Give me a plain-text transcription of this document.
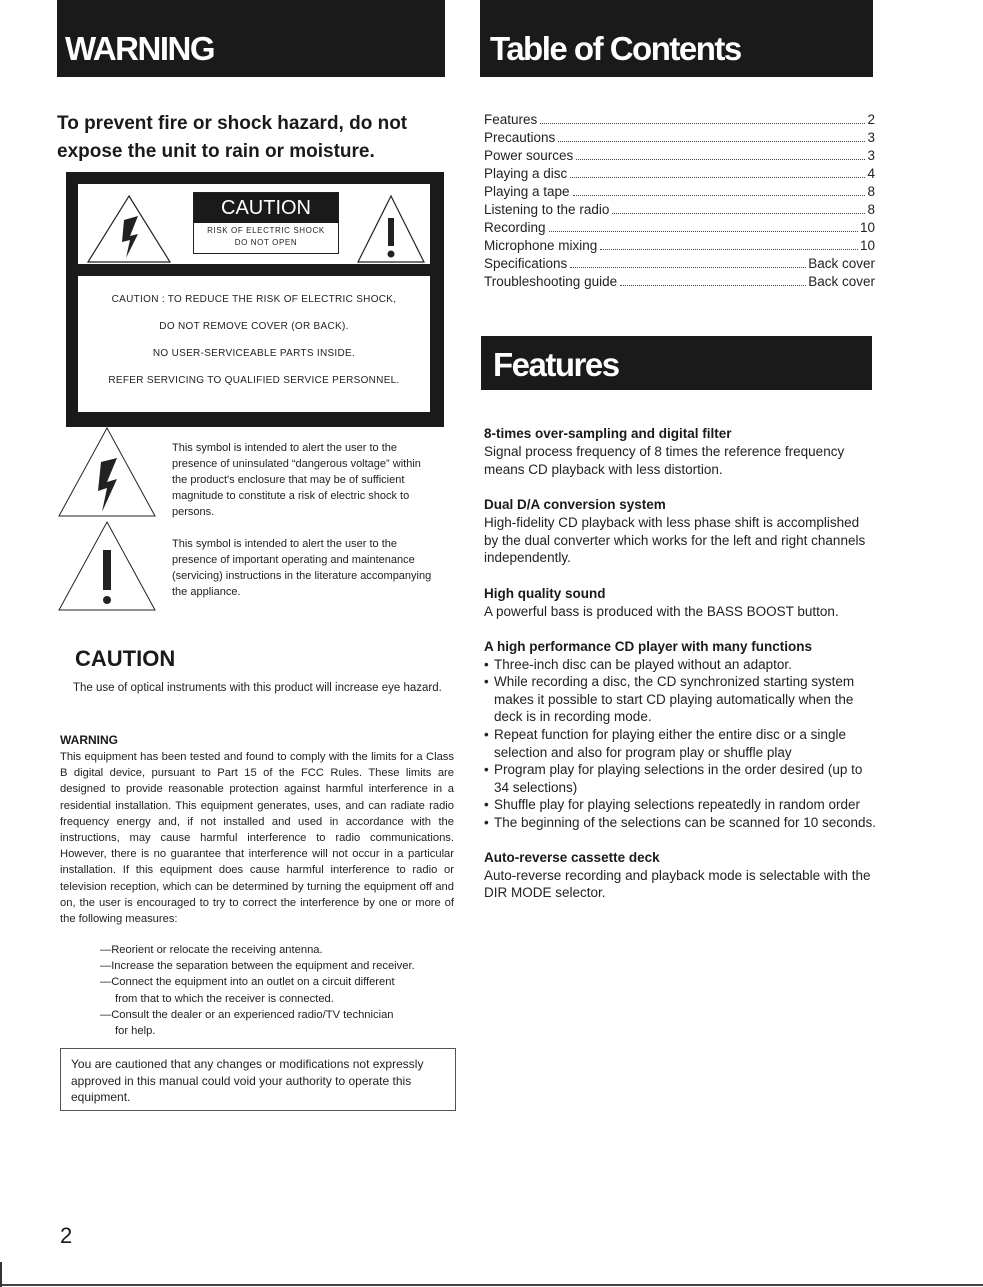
WARNING
To prevent fire or shock hazard, do not
expose the unit to rain or moisture.
CAUTION
RISK OF ELECTRIC SHOCK
DO NOT OPEN
CAUTION : TO REDUCE THE RISK OF ELECTRIC SHOCK,
DO NOT REMOVE COVER (OR BACK).
NO USER-SERVICEABLE PARTS INSIDE.
REFER SERVICING TO QUALIFIED SERVICE PERSONNEL.
This symbol is intended to alert the user to the presence of uninsulated “dangerous voltage” within the product's enclosure that may be of sufficient magnitude to constitute a risk of electric shock to persons.
This symbol is intended to alert the user to the presence of important operating and maintenance (servicing) instructions in the literature accompanying the appliance.
CAUTION
The use of optical instruments with this product will increase eye hazard.
WARNING
This equipment has been tested and found to comply with the limits for a Class B digital device, pursuant to Part 15 of the FCC Rules. These limits are designed to provide reasonable protection against harmful interference in a residential installation. This equipment generates, uses, and can radiate radio frequency energy and, if not installed and used in accordance with the instructions, may cause harmful interference to radio communications. However, there is no guarantee that interference will not occur in a particular installation. If this equipment does cause harmful interference to radio or television reception, which can be determined by turning the equipment off and on, the user is encouraged to try to correct the interference by one or more of the following measures:
—Reorient or relocate the receiving antenna.
—Increase the separation between the equipment and receiver.
—Connect the equipment into an outlet on a circuit different
from that to which the receiver is connected.
—Consult the dealer or an experienced radio/TV technician
for help.
You are cautioned that any changes or modifications not expressly approved in this manual could void your authority to operate this equipment.
2
Table of Contents
Features	2
Precautions	3
Power sources	3
Playing a disc	4
Playing a tape	8
Listening to the radio	8
Recording	10
Microphone mixing	10
Specifications	Back cover
Troubleshooting guide	Back cover
Features
8-times over-sampling and digital filter
Signal process frequency of 8 times the reference frequency means CD playback with less distortion.
Dual D/A conversion system
High-fidelity CD playback with less phase shift is accomplished by the dual converter which works for the left and right channels independently.
High quality sound
A powerful bass is produced with the BASS BOOST button.
A high performance CD player with many functions
• Three-inch disc can be played without an adaptor.
• While recording a disc, the CD synchronized starting system makes it possible to start CD playing automatically when the deck is in recording mode.
• Repeat function for playing either the entire disc or a single selection and also for program play or shuffle play
• Program play for playing selections in the order desired (up to 34 selections)
• Shuffle play for playing selections repeatedly in random order
• The beginning of the selections can be scanned for 10 seconds.
Auto-reverse cassette deck
Auto-reverse recording and playback mode is selectable with the DIR MODE selector.
